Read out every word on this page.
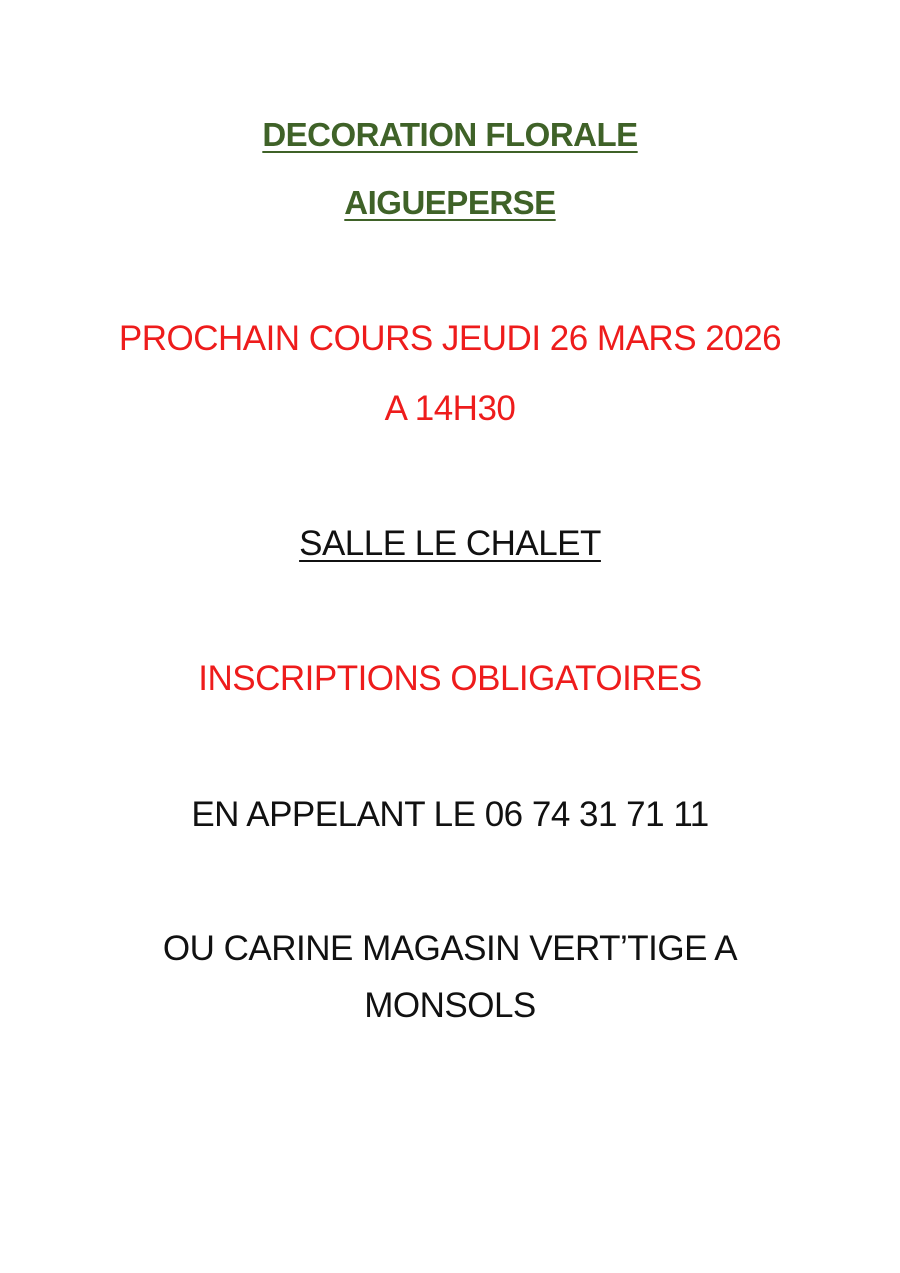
DECORATION FLORALE
AIGUEPERSE
PROCHAIN COURS JEUDI 26 MARS 2026
A 14H30
SALLE LE CHALET
INSCRIPTIONS OBLIGATOIRES
EN APPELANT LE 06 74 31 71 11
OU CARINE MAGASIN VERT’TIGE A
MONSOLS
